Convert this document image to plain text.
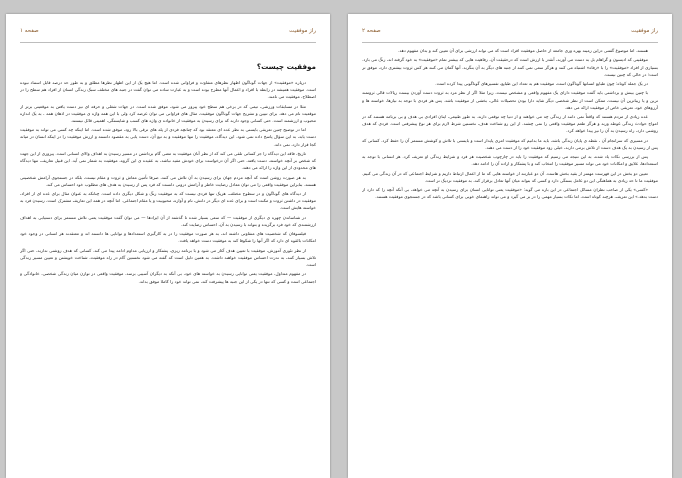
صفحه ۱	راز موفقیت
موفقیت چیست؟

دریاره «موفقیت» از جهات گوناگون اظهار نظرهای متفاوت و فراوانی شده است. اما هیچ یک از این اظهار نظرها مطلق و به طور حد درصد قابل استناد نبوده است. موفقیت همیشه در رابطه با افراد و اعمال آنها مطرح بوده است و به عبارت ساده می توان گفت در جنبه های مختلف سبک زندگی انسان از افراد هم سطح را در اصطلاح، موفقیت می نامند.

مثلا در مسابقات ورزشی، تیمی که در برخی هم سطح خود پیروز می شود، موفق شده است. در جهات شغلی و حرفه ای نیز دست یافتن به موقعیتی برتر از موقعیت نام می دهد. برای تبیین و تشریح جهات گوناگون موفقیت، مثال های فراوانی می توان عرضه کرد ولی با این همه واژه ی موفقیت در اذهان همه ، به یک اندازه محبوب و ارزشمند است. حتی کسانی وجود دارند که برای رسیدن به موفقیت از خانواده ی واژه های کسب و شایستگی، اهمیتی قائل نیستند.

اما در توضیح چنین تعریفی بایستی به نظر عده ای معتقد بود که چنانچه فردی از پله های ترقی بالا رود، موفق شده است. اما اینکه چه کسی می تواند به موفقیت دست یابد، به این سؤال پاسخ داده نمی شود. این دیدگاه، موفقیت را تنها موفقیت و به تبع آن، دست یابی به مقصود دانسته و ارزش موفقیت را در اینکه انسان در میانه کجا قرار دارد، نمی داند.

تاریخ، فاقد این دیدگاه را جز کسانی تلقی می کند که از نظر آنان موفقیت به معنی گام برداشتن در مسیر رسیدن به اهداف والای انسانی است. پیروزی از این جهت که شخص بر آنچه خواسته، دست یافته، حتی اگر آن درخواست برای خودش مفید نباشد، به عقیده ی این گروه، موفقیت به شمار نمی آید. این قبیل تعاریف، تنها دیدگاه های محدودی از این واژه را ارائه می دهند.

به هر صورت روشن است که آنچه مردم جهان برای رسیدن به آن تلاش می کنند، صرفا تأمین معاش و ثروت و مقام نیست، بلکه در جستجوی آرامش شخصیتی هستند. بنابراین موفقیت واقعی را می توان معادل رضایت خاطر و آرامش درونی دانست که فرد پس از رسیدن به هدف های مطلوب خود احساس می کند.

از دیدگاه های گوناگون و در سطوح مختلف، هریک تنها فردی نیست که به موفقیت رنگ و شکل دیگری داده است. چنانکه به عنوان مثال برای عده ای از افراد، موفقیت در داشتن ثروت و مکنت است و برای عده ای دیگر در دانش، نام و آوازه، محبوبیت و یا مقام اجتماعی. اما آنچه در همه این تعاریف مشترک است، رسیدن فرد به خواسته هایش است.

در شناساندن چهره ی دیگری از موفقیت — که سعی بسیار شده تا گذشته از آن ایرادها — می توان گفت موفقیت یعنی تلاش مستمر برای دستیابی به اهداف ارزشمندی که خود فرد برگزیده و بتواند با رسیدن به آن، احساس رضایت کند.

فیلسوفان که شخصیت های متفاوتی داشته اند، به هر صورت موفقیت را در به کارگیری استعدادها و توانایی ها دانسته اند و معتقدند هر انسانی در وجود خود امکانات بالقوه ای دارد که اگر آنها را شکوفا کند به موفقیت دست خواهد یافت.

از نظر تئوری آموزش، موفقیت با تعیین هدف آغاز می شود و با برنامه ریزی، پشتکار و ارزیابی مداوم ادامه پیدا می کند. کسانی که هدف روشنی ندارند، حتی اگر تلاش بسیار کنند، به ندرت احساس موفقیت خواهند داشت. به همین دلیل است که گفته می شود نخستین گام در راه موفقیت، شناخت خویشتن و تعیین مسیر زندگی است.

در مفهوم متداول، موفقیت یعنی توانایی رسیدن به خواسته های خود، بی آنکه به دیگران آسیبی برسد. موفقیت واقعی در توازن میان زندگی شخصی، خانوادگی و اجتماعی است و کسی که تنها در یکی از این جنبه ها پیشرفت کند، نمی تواند خود را کاملا موفق بداند.

صفحه ۲	راز موفقیت

هستند. اما موضوع گفتنی دراین زمینه بهره وری جامعه از حاصل موفقیت افراد است که می تواند ارزشی برای آن تعیین کند و بدان مفهوم دهد.

موفقیتی که ادیسون و گراهام بل به دست می آورند، آنقدر با ارزش است که درحقیقت آن، رفاهیت هایی که بیشتر تمام «موفقیت» به خود گرفته اند، رنگ می بازد. بسیاری از افراد «موفقیت» را با «رفاه» اشتباه می کنند و هرگز سعی نمی کنند از جنبه های دیگر به آن بنگرند. آنها گمان می کنند هر کس ثروت بیشتری دارد، موفق تر است؛ در حالی که چنین نیست.

در یک جمله کوتاه: چون طبایع انسانها گوناگون است، موفقیت هم به تعداد این طبایع، تفسیرهای گوناگونی پیدا کرده است.

با چنین بینش و برداشتی باید گفت موفقیت دارای یک مفهوم واقعی و مشخص نیست، زیرا مثلا اگر از نظر مرد به ثروت دست آوردن بیست ریالات قالی ثروتمند ترین و یا زیباترین آن نیست، ممکن است از نظر شخصی دیگر شاید دارا بودن تحصیلات عالی، بخشی از موفقیت باشد. پس هر فردی با توجه به نیازها، خواسته ها و آرزوهای خود، تعریفی خاص از موفقیت ارائه می دهد.

عده زیادی از مردم هستند که واقعاً نمی دانند از زندگی چه می خواهند و از دنیا چه توقعی دارند. به طور طبیعی، اینان افرادی بی هدف و بی برنامه هستند که در امواج حوادث زندگی غوطه ورند و هرگز طعم موفقیت واقعی را نمی چشند. از این رو شناخت هدف، نخستین شرط لازم برای هر نوع پیشرفتی است. فردی که هدف روشنی دارد، راه رسیدن به آن را نیز پیدا خواهد کرد.

در مسیری که سرانجام آن ، نقطه ی پایان زندگی باشد، باید ما بدانیم که موفقیت امری پایدار است و بایستی با تلاش و کوشش مستمر آن را حفظ کرد. کسانی که پس از رسیدن به یک هدف دست از تلاش برمی دارند، خیلی زود موفقیت خود را از دست می دهند.

پس از بررسی نکات یاد شده، به این نتیجه می رسیم که موفقیت را باید در چارچوب شخصیت هر فرد و شرایط زندگی او تعریف کرد. هر انسانی با توجه به استعدادها، علایق و امکانات خود می تواند مسیر موفقیت را انتخاب کند و با پشتکار و اراده آن را ادامه دهد.

تعیین دو بخش در این فهرست مهمتر از بقیه بخش هاست. آن دو عبارتند از خواسته هایی که ما از اعمال ارتباط داریم و شرایط اجتماعی که در آن زندگی می کنیم. موفقیت ما تا حد زیادی به هماهنگی این دو عامل بستگی دارد و کسی که بتواند میان آنها تعادل برقرار کند، به موفقیت نزدیک تر است.

«کسی» یکی از صاحب نظران مسائل اجتماعی در این باره می گوید: «موفقیت یعنی توانایی انسان برای رسیدن به آنچه می خواهد، بی آنکه آنچه را که دارد از دست بدهد.» این تعریف، هرچند کوتاه است، اما نکات بسیار مهمی را در بر می گیرد و می تواند راهنمای خوبی برای کسانی باشد که در جستجوی موفقیت هستند.
